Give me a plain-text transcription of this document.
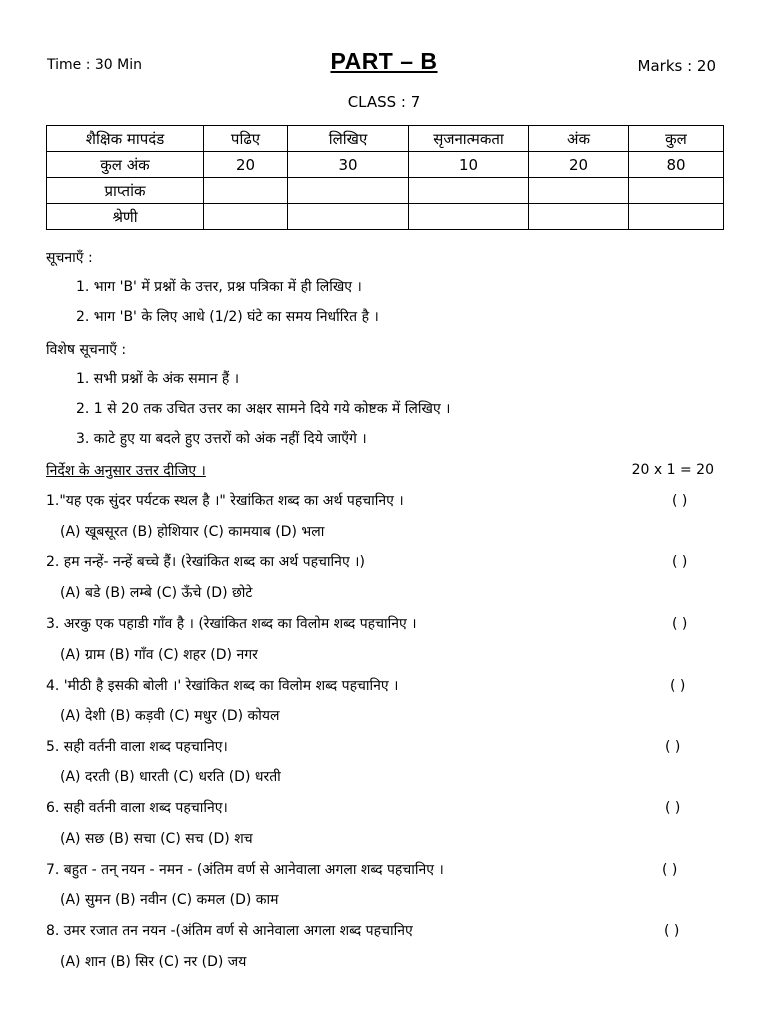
Time : 30 Min	PART – B	Marks : 20
CLASS : 7
शैक्षिक मापदंड	पढिए	लिखिए	सृजनात्मकता	अंक	कुल
कुल अंक	20	30	10	20	80
प्राप्तांक					
श्रेणी					
सूचनाएँ :
1. भाग 'B' में प्रश्नों के उत्तर, प्रश्न पत्रिका में ही लिखिए ।
2. भाग 'B' के लिए आधे (1/2) घंटे का समय निर्धारित है ।
विशेष सूचनाएँ :
1. सभी प्रश्नों के अंक समान हैं ।
2. 1 से 20 तक उचित उत्तर का अक्षर सामने दिये गये कोष्टक में लिखिए ।
3. काटे हुए या बदले हुए उत्तरों को अंक नहीं दिये जाएँगे ।
निर्देश के अनुसार उत्तर दीजिए ।	20 x 1 = 20
1."यह एक सुंदर पर्यटक स्थल है ।" रेखांकित शब्द का अर्थ पहचानिए ।	( )
(A) खूबसूरत (B) होशियार (C) कामयाब (D) भला
2. हम नन्हें- नन्हें बच्चे हैं। (रेखांकित शब्द का अर्थ पहचानिए ।)	( )
(A) बडे (B) लम्बे (C) ऊँचे (D) छोटे
3. अरकु एक पहाडी गाँव है । (रेखांकित शब्द का विलोम शब्द पहचानिए ।	( )
(A) ग्राम (B) गाँव (C) शहर (D) नगर
4. 'मीठी है इसकी बोली ।' रेखांकित शब्द का विलोम शब्द पहचानिए ।	( )
(A) देशी (B) कड़वी (C) मधुर (D) कोयल
5. सही वर्तनी वाला शब्द पहचानिए।	( )
(A) दरती (B) धारती (C) धरति (D) धरती
6. सही वर्तनी वाला शब्द पहचानिए।	( )
(A) सछ (B) सचा (C) सच (D) शच
7. बहुत - तन् नयन - नमन - (अंतिम वर्ण से आनेवाला अगला शब्द पहचानिए ।	( )
(A) सुमन (B) नवीन (C) कमल (D) काम
8. उमर रजात तन नयन -(अंतिम वर्ण से आनेवाला अगला शब्द पहचानिए	( )
(A) शान (B) सिर (C) नर (D) जय
